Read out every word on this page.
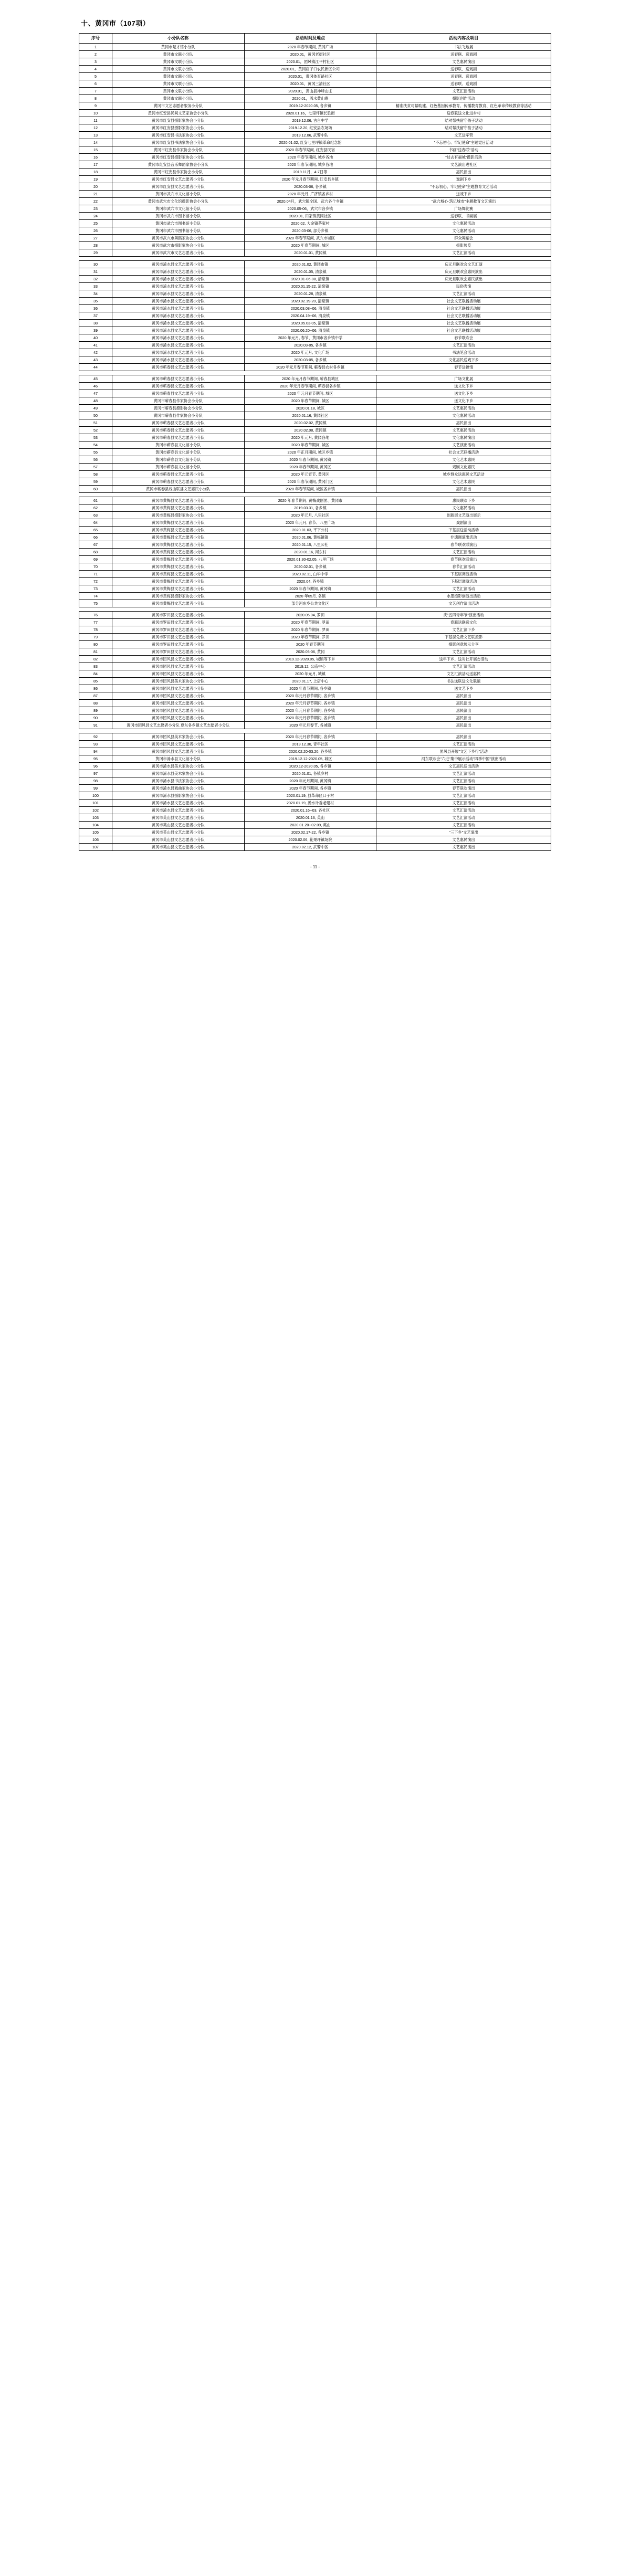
十、黄冈市（107项）
序号	小分队名称	活动时间及地点	活动内容及项目
1	黄冈市楚才馆小分队	2020 年春节期间, 黄冈广场	书法飞地展
2	黄冈市文联小分队	2020.01，黄冈老街社区	送春联、送戏剧
3	黄冈市文联小分队	2020.01，团风镇江平村社区	文艺惠民演出
4	黄冈市文联小分队	2020.01，黄冈店子口农民新区公司	送春联、送戏剧
5	黄冈市文联小分队	2020.01，黄冈体育路社区	送春联、送戏剧
6	黄冈市文联小分队	2020.01，黄冈三清社区	送春联、送戏剧
7	黄冈市文联小分队	2020.01，黄山县神峰山庄	文艺汇演活动
8	黄冈市文联小分队	2020.01，浠水黄山寨	摄影创作活动
9	黄冈市文艺志愿者服务小分队	2019.12-2020.05, 各乡镇	精准扶贫可帮助建、红色基因传承教育、传播教育教育、红色革命传统教育等活动
10	黄冈市红安县民间文艺家协会小分队	2020.01.16，七里坪镇长胜街	送春联送文化进乡村
11	黄冈市红安县摄影家协会小分队	2019.12.06, 古台中学	结对帮扶留守孩子活动
12	黄冈市红安县摄影家协会小分队	2019.12.20, 红安县农场场	结对帮扶留守孩子活动
13	黄冈市红安县书法家协会小分队	2019.12.06, 武警中队	文艺送军营
14	黄冈市红安县书法家协会小分队	2020.01.02, 红安七里坪镇革命纪念馆	"不忘初心、牢记使命"主题党日活动
15	黄冈市红安县作家协会小分队	2020 年春节期间, 红安县民宿	书画"送春联"活动
16	黄冈市红安县摄影家协会小分队	2020 年春节期间, 城乡各地	"过去有福城"摄影活动
17	黄冈市红安县音乐舞蹈家协会小分队	2020 年春节期间, 城乡各地	文艺演出进社区
18	黄冈市红安县作家协会小分队	2019.11月，4-7日等	惠民演出
19	黄冈市红安县文艺志愿者小分队	2020 年元月春节期间, 红安县乡镇	戏剧下乡
20	黄冈市红安县文艺志愿者小分队	2020.03-06, 各乡镇	"不忘初心、牢记使命"主题教育文艺活动
21	黄冈市武穴市文化馆小分队	2020 年元月, 广济镇各乡村	送戏下乡
22	黄冈市武穴市文化馆摄影协会小分队	2020.04月，武穴镇全国、武穴各个乡镇	"武穴城心·筑记城市"主题教育文艺演出
23	黄冈市武穴市文化馆小分队	2020.05-06，武穴市各乡镇	广场舞比赛
24	黄冈市武穴市图书馆小分队	2020.01, 田家镇黄冈社区	送春联、书画展
25	黄冈市武穴市图书馆小分队	2020.02, 大金镇茅家村	文化惠民活动
26	黄冈市武穴市图书馆小分队	2020.03-06, 部分乡镇	文化惠民活动
27	黄冈市武穴市舞蹈家协会小分队	2020 年春节期间, 武穴市城区	群众舞蹈会
28	黄冈市武穴市摄影家协会小分队	2020 年春节期间, 城区	摄影展览
29	黄冈市武穴市文艺志愿者小分队	2020.01.01, 黄冈镇	文艺汇演活动

30	黄冈市浠水县文艺志愿者小分队	2020.01.02, 黄冈市镇	庆元旦联欢会文艺汇演
31	黄冈市浠水县文艺志愿者小分队	2020.01.05, 清泉镇	庆元旦联欢会惠民演出
32	黄冈市浠水县文艺志愿者小分队	2020.01-06-08, 清泉镇	庆元旦联欢会惠民演出
33	黄冈市浠水县文艺志愿者小分队	2020.01.15-22, 清泉镇	民俗表演
34	黄冈市浠水县文艺志愿者小分队	2020.01.28, 清泉镇	文艺汇演活动
35	黄冈市浠水县文艺志愿者小分队	2020.02.19-20, 清泉镇	社会文艺联播活动展
36	黄冈市浠水县文艺志愿者小分队	2020.03.08--06, 清泉镇	社会文艺联播活动展
37	黄冈市浠水县文艺志愿者小分队	2020.04.19--06, 清泉镇	社会文艺联播活动展
38	黄冈市浠水县文艺志愿者小分队	2020.05.03-05, 清泉镇	社会文艺联播活动展
39	黄冈市浠水县文艺志愿者小分队	2020.06.20--06, 清泉镇	社会文艺联播活动展
40	黄冈市浠水县文艺志愿者小分队	2020 年元月, 春节、黄冈市各乡镇中学	春节联欢会
41	黄冈市浠水县文艺志愿者小分队	2020.03-05, 各乡镇	文艺汇演活动
42	黄冈市浠水县文艺志愿者小分队	2020 年元月, 文化广场	书法笔会活动
43	黄冈市浠水县文艺志愿者小分队	2020.03-05, 各乡镇	文化惠民送戏下乡
44	黄冈市蕲春县文艺志愿者小分队	2020 年元月春节期间, 蕲春县农村各乡镇	春节送福情

45	黄冈市蕲春县文艺志愿者小分队	2020 年元月春节期间, 蕲春县城区	广场文化展
46	黄冈市蕲春县文艺志愿者小分队	2020 年元月春节期间, 蕲春县各乡镇	送文化下乡
47	黄冈市蕲春县文艺志愿者小分队	2020 年元月春节期间, 城区	送文化下乡
48	黄冈市蕲春县作家协会小分队	2020 年春节期间, 城区	送文化下乡
49	黄冈市蕲春县摄影协会小分队	2020.01.18, 城区	文艺惠民活动
50	黄冈市蕲春县作家协会小分队	2020.01.16, 黄冈社区	文化惠民活动
51	黄冈市蕲春县文艺志愿者小分队	2020.02.02, 黄冈镇	惠民演出
52	黄冈市蕲春县文艺志愿者小分队	2020.02.08, 黄冈镇	文艺惠民活动
53	黄冈市蕲春县文艺志愿者小分队	2020 年元月, 黄冈各地	文化惠民演出
54	黄冈市蕲春县文化馆小分队	2020 年春节期间, 城区	文艺演出活动
55	黄冈市蕲春县文化馆小分队	2020 年正月期间, 城区乡镇	社会文艺联播活动
56	黄冈市蕲春县文化馆小分队	2020 年春节期间, 黄冈镇	文化艺术惠民
57	黄冈市蕲春县文化馆小分队	2020 年春节期间, 黄冈区	戏剧文化惠民
58	黄冈市蕲春县文艺志愿者小分队	2020 年元宵节, 黄冈区	城乡群众送惠民文艺活动
59	黄冈市蕲春县文艺志愿者小分队	2020 年春节期间, 黄冈门区	文化艺术惠民
60	黄冈市蕲春县戏曲联播文艺惠民小分队	2020 年春节期间, 城区各乡镇	惠民演出

61	黄冈市黄梅县文艺志愿者小分队	2020 年春节期间, 黄梅戏剧团、黄冈市	惠民联欢下乡
62	黄冈市黄梅县文艺志愿者小分队	2019.03.31, 各乡镇	文化惠民活动
63	黄冈市黄梅县摄影家协会小分队	2020 年元月, 八里社区	创新展文艺演出展示
64	黄冈市黄梅县文艺志愿者小分队	2020 年元月, 春节、八里广场	戏剧演出
65	黄冈市黄梅县文艺志愿者小分队	2020.01.03, 平下公村	下基层送活动活动
66	黄冈市黄梅县文艺志愿者小分队	2020.01.06, 黄梅镇镇	非遗调演出活动
67	黄冈市黄梅县文艺志愿者小分队	2020.01.15, 八里公社	春节联欢联演出
68	黄冈市黄梅县文艺志愿者小分队	2020.01.16, 河东村	文艺汇演活动
69	黄冈市黄梅县文艺志愿者小分队	2020.01.30-02.05, 八里广场	春节联欢联演出
70	黄冈市黄梅县文艺志愿者小分队	2020.02.01, 各乡镇	春节汇演活动
71	黄冈市黄梅县文艺志愿者小分队	2020.02.11, 白华中学	下基层调演活动
72	黄冈市黄梅县文艺志愿者小分队	2020.04, 各乡镇	下基层调演活动
73	黄冈市黄梅县文艺志愿者小分队	2020 年春节期间, 黄冈镇	文艺汇演活动
74	黄冈市黄梅县摄影家协会小分队	2020 年05月, 各镇	水墨摄影创演出活动
75	黄冈市黄梅县文艺志愿者小分队	部分河东乡公共文化区	文艺创作演出活动

76	黄冈市罗田县文艺志愿者小分队	2020.05.04, 罗田	庆"五四青年节"演出活动
77	黄冈市罗田县文艺志愿者小分队	2020 年春节期间, 罗田	春联送联送文化
78	黄冈市罗田县文艺志愿者小分队	2020 年春节期间, 罗田	文艺汇演下乡
79	黄冈市罗田县文艺志愿者小分队	2020 年春节期间, 罗田	下基层免费文艺联摄影
80	黄冈市罗田县文艺志愿者小分队	2020 年春节期间	摄影创意展示分享
81	黄冈市罗田县文艺志愿者小分队	2020.05-06, 黄冈	文艺汇演活动
82	黄冈市团风县文艺志愿者小分队	2019.12-2020.05, 城镇等下乡	送年下乡、送对社开展志活动
83	黄冈市团风县文艺志愿者小分队	2019.12, 公庙中心	文艺汇演活动
84	黄冈市团风县文艺志愿者小分队	2020 年元月, 城镇	文艺汇演活动送惠民
85	黄冈市团风县美术家协会小分队	2020.01.17, 上店中心	书法送联送文化联谊
86	黄冈市团风县文艺志愿者小分队	2020 年春节期间, 各乡镇	送文艺下乡
87	黄冈市团风县文艺志愿者小分队	2020 年元月春节期间, 各乡镇	惠民演出
88	黄冈市团风县文艺志愿者小分队	2020 年元月春节期间, 各乡镇	惠民演出
89	黄冈市团风县文艺志愿者小分队	2020 年元月春节期间, 各乡镇	惠民演出
90	黄冈市团风县文艺志愿者小分队	2020 年元月春节期间, 各乡镇	惠民演出
91	黄冈市团风县文艺志愿者小分队 夏东各乡镇文艺志愿者小分队	2020 年元月春节, 各城镇	惠民演出

92	黄冈市团风县美术家协会小分队	2020 年元月春节期间, 各乡镇	惠民演出
93	黄冈市团风县文艺志愿者小分队	2019.12.30, 青年社区	文艺汇演活动
94	黄冈市团风县文艺志愿者小分队	2020.02.20-03.20, 各乡镇	团风县开展"文艺下乡行"活动
95	黄冈市浠水县文化馆小分队	2019.12.12-2020.05, 城区	河东联欢会"六进"集中展示活动"四季中国"演出活动
96	黄冈市浠水县美术家协会小分队	2020.12-2020.05, 各乡镇	文艺惠民送出活动
97	黄冈市浠水县美术家协会小分队	2020.01.01, 各镇乡村	文艺汇演活动
98	黄冈市浠水县书法家协会小分队	2020 年元月期间, 黄冈镇	文艺汇演活动
99	黄冈市浠水县戏曲家协会小分队	2020 年春节期间, 各乡镇	春节联欢演出
100	黄冈市浠水县摄影家协会小分队	2020.01.19, 县革命区口子村	文艺汇演活动
101	黄冈市浠水县文艺志愿者小分队	2020.01.19, 浠水计委老建村	文艺汇演活动
102	黄冈市浠水县文艺志愿者小分队	2020.01.16--03, 各社区	文艺汇演活动
103	黄冈市英山县文艺志愿者小分队	2020.01.16, 英山	文艺汇演活动
104	黄冈市英山县文艺志愿者小分队	2020.01.20--02.09, 英山	文艺汇演活动
105	黄冈市英山县文艺志愿者小分队	2020.02.17-22, 各乡镇	"三下乡"文艺演出
106	黄冈市英山县文艺志愿者小分队	2020.02.06, 花果坪镇场院	文艺惠民演出
107	黄冈市英山县文艺志愿者小分队	2020.02.12, 武警中区	文艺惠民演出
- 11 -
